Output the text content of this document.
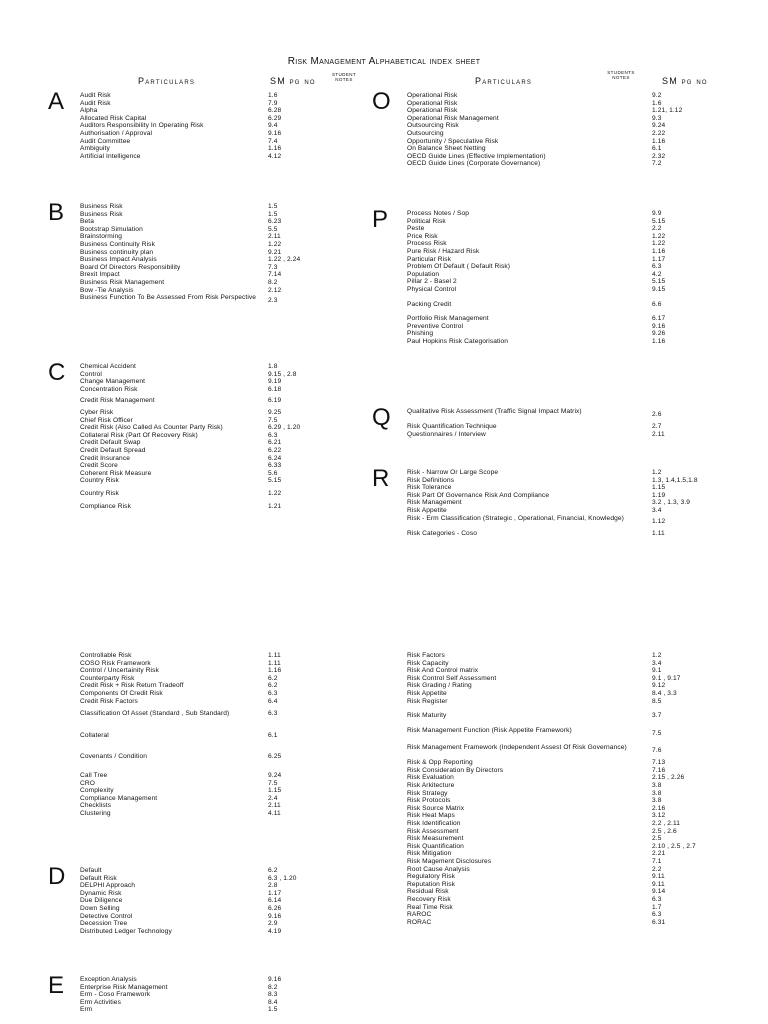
Risk Management Alphabetical index sheet
Particulars	SM pg no
STUDENT NOTES	Particulars
STUDENTS NOTES	SM pg no
A Audit Risk	1.6
Audit Risk	7.9
Alpha	6.28
Allocated Risk Capital	6.29
Auditors Responsibility In Operating Risk	9.4
Authorisation / Approval	9.16
Audit Committee	7.4
Ambiguity	1.16
Artificial Intelligence	4.12
B Business Risk	1.5
Business Risk	1.5
Beta	6.23
Bootstrap Simulation	5.5
Brainstorming	2.11
Business Continuity Risk	1.22
Business continuity plan	9.21
Business Impact Analysis	1.22 , 2.24
Board Of Directors Responsibility	7.3
Brexit Impact	7.14
Business Risk Management	8.2
Bow -Tie Analysis	2.12
Business Function To Be Assessed From Risk Perspective 2.3
C Chemical Accident	1.8
Control	9.15 , 2.8
Change Management	9.19
Concentration Risk	6.18
Credit Risk Management	6.19
Cyber Risk	9.25
Chief Risk Officer	7.5
Credit Risk (Also Called As Counter Party Risk)	6.29 , 1.20
Collateral Risk (Part Of Recovery Risk)	6.3
Credit Default Swap	6.21
Credit Default Spread	6.22
Credit Insurance	6.24
Credit Score	6.33
Coherent Risk Measure	5.6
Country Risk	5.15
Country Risk	1.22
Compliance Risk	1.21
O Operational Risk	9.2
Operational Risk	1.6
Operational Risk	1.21, 1.12
Operational Risk Management	9.3
Outsourcing Risk	9.24
Outsourcing	2.22
Opportunity / Speculative Risk	1.16
On Balance Sheet Netting	6.1
OECD Guide Lines (Effective Implementation)	2.32
OECD Guide Lines (Corporate Governance)	7.2
P	Process Notes / Sop	9.9
Political Risk	5.15
Peste	2.2
Price Risk	1.22
Process Risk	1.22
Pure Risk / Hazard Risk	1.16
Particular Risk	1.17
Problem Of Default ( Default Risk)	6.3
Population	4.2
Pillar 2 - Basel 2	5.15
Physical Control	9.15
Packing Credit	6.6
Portfolio Risk Management	6.17
Preventive Control	9.16
Phishing	9.26
Paul Hopkins Risk Categorisation	1.16
Q Qualitative Risk Assessment (Traffic Signal Impact Matrix)	2.6
Risk Quantification Technique	2.7
Questionnaires / Interview	2.11
R	Risk - Narrow Or Large Scope	1.2
Risk Definitions	1.3, 1.4,1.5,1.8
Risk Tolerance	1.15
Risk Part Of Governance Risk And Compliance	1.19
Risk Management	3.2 , 1.3, 3.9
Risk Appetite	3.4
Risk - Erm Classification (Strategic , Operational, Financial, Knowledge)	1.12
Risk Categories - Coso	1.11
Controllable Risk	1.11
COSO Risk Framework	1.11
Control / Uncertainity Risk	1.16
Counterparty Risk	6.2
Credit Risk + Risk Return Tradeoff	6.2
Components Of Credit Risk	6.3
Credit Risk Factors	6.4
Classification Of Asset (Standard , Sub Standard)	6.3
Collateral	6.1
Covenants / Condition	6.25
Call Tree	9.24
CRO	7.5
Complexity	1.15
Compliance Management	2.4
Checklists	2.11
Clustering	4.11
D Default	6.2
Default Risk	6.3 , 1.20
DELPHI Approach	2.8
Dynamic Risk	1.17
Due Diligence	6.14
Down Selling	6.26
Detective Control	9.16
Decession Tree	2.9
Distributed Ledger Technology	4.19
E Exception Analysis	9.16
Enterprise Risk Management	8.2
Erm - Coso Framework	8.3
Erm Activities	8.4
Erm	1.5
Risk Factors	1.2
Risk Capacity	3.4
Risk And Control matrix	9.1
Risk Control Self Assessment	9.1 , 9.17
Risk Grading / Rating	9.12
Risk Appetite	8.4 , 3.3
Risk Register	8.5
Risk Maturity	3.7
Risk Management Function (Risk Appetite Framework)	7.5
Risk Management Framework (Independent Assest Of Risk Governance)	7.6
Risk & Opp Reporting	7.13
Risk Consideration By Directors	7.16
Risk Evaluation	2.15 , 2.26
Risk Arkitecture	3.8
Risk Strategy	3.8
Risk Protocols	3.8
Risk Source Matrix	2.16
Risk Heat Maps	3.12
Risk Identification	2.2 , 2.11
Risk Assessment	2.5 , 2.6
Risk Measurement	2.5
Risk Quantification	2.10 , 2.5 , 2.7
Risk Mitigation	2.21
Risk Magement Disclosures	7.1
Root Cause Analysis	2.2
Regulatory Risk	9.11
Reputation Risk	9.11
Residual Risk	9.14
Recovery Risk	6.3
Real Time Risk	1.7
RAROC	6.3
RORAC	6.31
